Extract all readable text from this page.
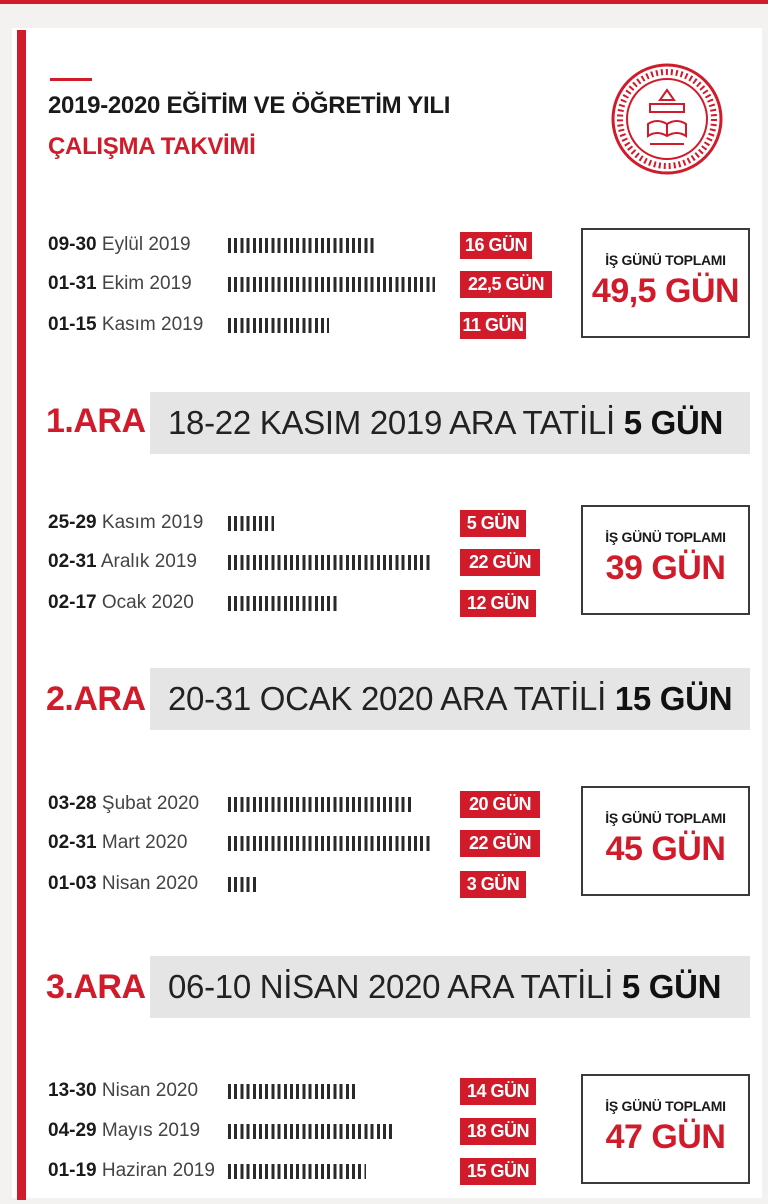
2019-2020 EĞİTİM VE ÖĞRETİM YILI
ÇALIŞMA TAKVİMİ
09-30 Eylül 2019	16 GÜN
01-31 Ekim 2019	22,5 GÜN
01-15 Kasım 2019	11 GÜN
İŞ GÜNÜ TOPLAMI
49,5 GÜN
1.ARA 18-22 KASIM 2019 ARA TATİLİ 5 GÜN
25-29 Kasım 2019	5 GÜN
02-31 Aralık 2019	22 GÜN
02-17 Ocak 2020	12 GÜN
İŞ GÜNÜ TOPLAMI
39 GÜN
2.ARA 20-31 OCAK 2020 ARA TATİLİ 15 GÜN
03-28 Şubat 2020	20 GÜN
02-31 Mart 2020	22 GÜN
01-03 Nisan 2020	3 GÜN
İŞ GÜNÜ TOPLAMI
45 GÜN
3.ARA 06-10 NİSAN 2020 ARA TATİLİ 5 GÜN
13-30 Nisan 2020	14 GÜN
04-29 Mayıs 2019	18 GÜN
01-19 Haziran 2019	15 GÜN
İŞ GÜNÜ TOPLAMI
47 GÜN
